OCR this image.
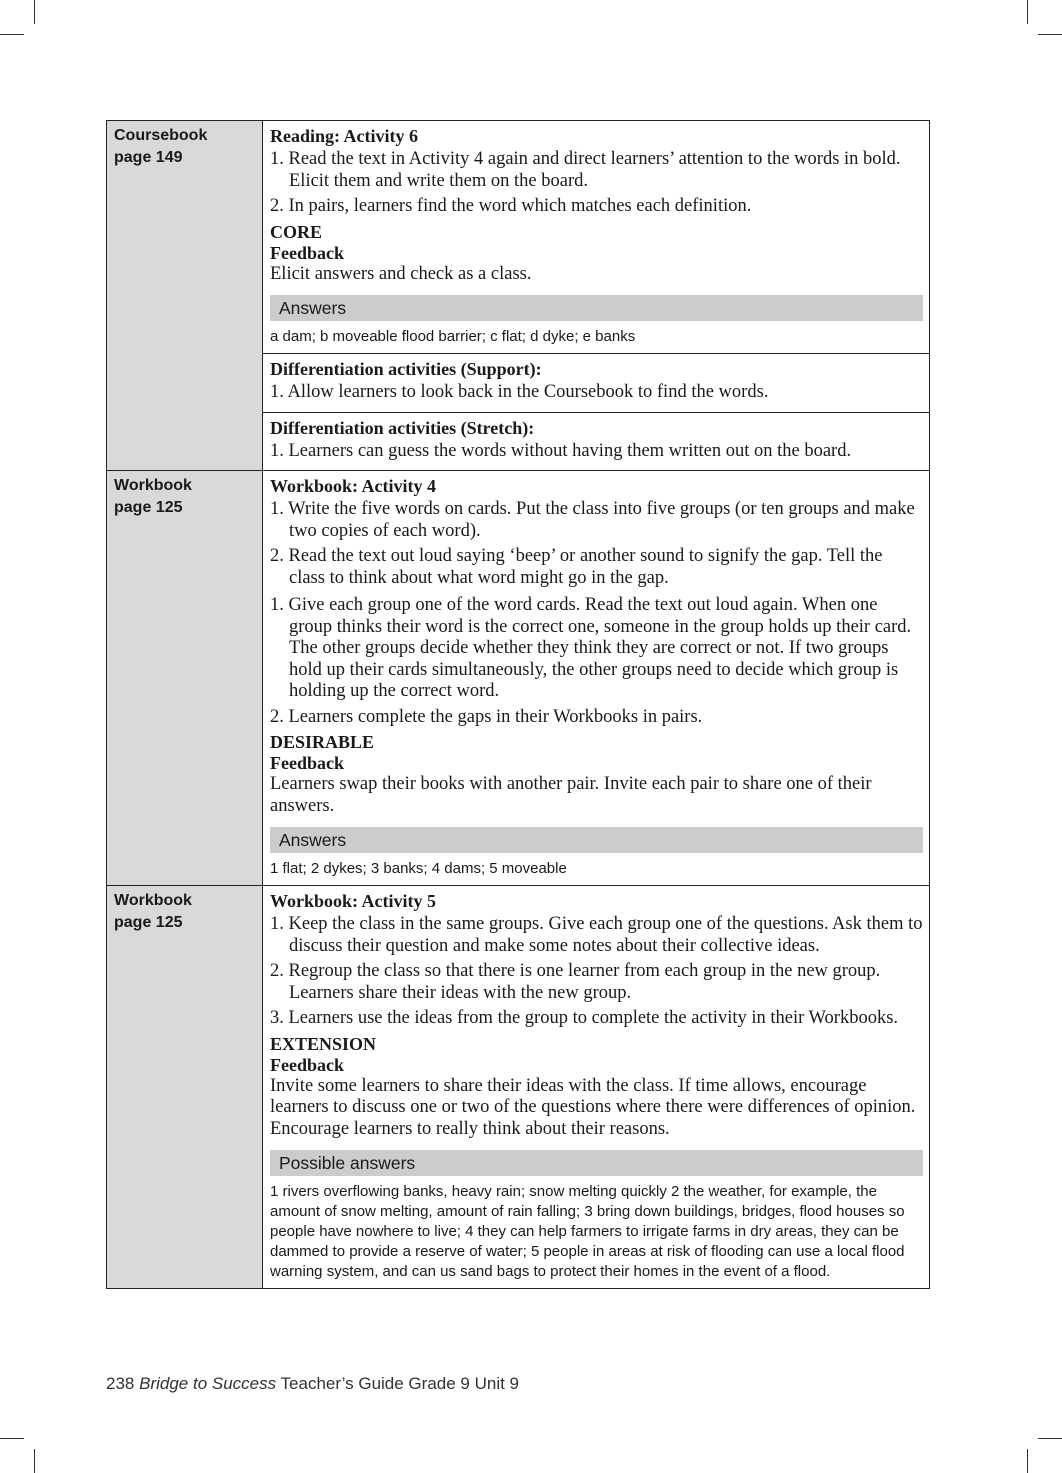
Coursebook
page 149
Reading: Activity 6
1. Read the text in Activity 4 again and direct learners’ attention to the words in bold. Elicit them and write them on the board.
2. In pairs, learners find the word which matches each definition.
CORE
Feedback
Elicit answers and check as a class.
Answers
a dam; b moveable flood barrier; c flat; d dyke; e banks
Differentiation activities (Support):
1. Allow learners to look back in the Coursebook to find the words.
Differentiation activities (Stretch):
1. Learners can guess the words without having them written out on the board.
Workbook
page 125
Workbook: Activity 4
1. Write the five words on cards. Put the class into five groups (or ten groups and make two copies of each word).
2. Read the text out loud saying ‘beep’ or another sound to signify the gap. Tell the class to think about what word might go in the gap.
1. Give each group one of the word cards. Read the text out loud again. When one group thinks their word is the correct one, someone in the group holds up their card. The other groups decide whether they think they are correct or not. If two groups hold up their cards simultaneously, the other groups need to decide which group is holding up the correct word.
2. Learners complete the gaps in their Workbooks in pairs.
DESIRABLE
Feedback
Learners swap their books with another pair. Invite each pair to share one of their answers.
Answers
1 flat; 2 dykes; 3 banks; 4 dams; 5 moveable
Workbook
page 125
Workbook: Activity 5
1. Keep the class in the same groups. Give each group one of the questions. Ask them to discuss their question and make some notes about their collective ideas.
2. Regroup the class so that there is one learner from each group in the new group. Learners share their ideas with the new group.
3. Learners use the ideas from the group to complete the activity in their Workbooks.
EXTENSION
Feedback
Invite some learners to share their ideas with the class. If time allows, encourage learners to discuss one or two of the questions where there were differences of opinion. Encourage learners to really think about their reasons.
Possible answers
1 rivers overflowing banks, heavy rain; snow melting quickly 2 the weather, for example, the amount of snow melting, amount of rain falling; 3 bring down buildings, bridges, flood houses so people have nowhere to live; 4 they can help farmers to irrigate farms in dry areas, they can be dammed to provide a reserve of water; 5 people in areas at risk of flooding can use a local flood warning system, and can us sand bags to protect their homes in the event of a flood.
238 Bridge to Success Teacher’s Guide Grade 9 Unit 9
